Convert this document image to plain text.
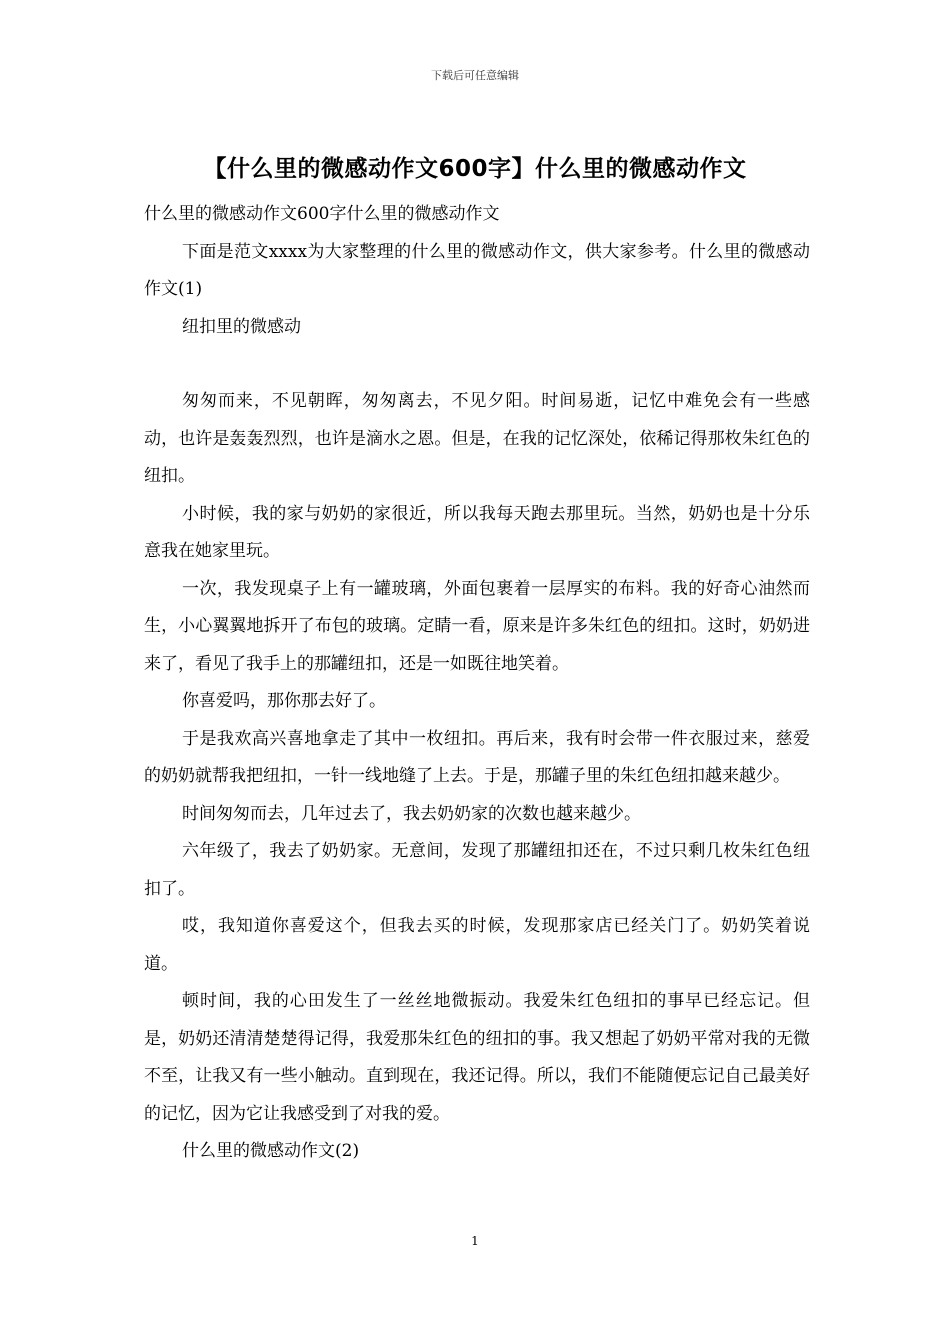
下载后可任意编辑
【什么里的微感动作文600字】什么里的微感动作文

什么里的微感动作文600字什么里的微感动作文

下面是范文xxxx为大家整理的什么里的微感动作文，供大家参考。什么里的微感动作文(1)

纽扣里的微感动

匆匆而来，不见朝晖，匆匆离去，不见夕阳。时间易逝，记忆中难免会有一些感动，也许是轰轰烈烈，也许是滴水之恩。但是，在我的记忆深处，依稀记得那枚朱红色的纽扣。

小时候，我的家与奶奶的家很近，所以我每天跑去那里玩。当然，奶奶也是十分乐意我在她家里玩。

一次，我发现桌子上有一罐玻璃，外面包裹着一层厚实的布料。我的好奇心油然而生，小心翼翼地拆开了布包的玻璃。定睛一看，原来是许多朱红色的纽扣。这时，奶奶进来了，看见了我手上的那罐纽扣，还是一如既往地笑着。

你喜爱吗，那你那去好了。

于是我欢高兴喜地拿走了其中一枚纽扣。再后来，我有时会带一件衣服过来，慈爱的奶奶就帮我把纽扣，一针一线地缝了上去。于是，那罐子里的朱红色纽扣越来越少。

时间匆匆而去，几年过去了，我去奶奶家的次数也越来越少。

六年级了，我去了奶奶家。无意间，发现了那罐纽扣还在，不过只剩几枚朱红色纽扣了。

哎，我知道你喜爱这个，但我去买的时候，发现那家店已经关门了。奶奶笑着说道。

顿时间，我的心田发生了一丝丝地微振动。我爱朱红色纽扣的事早已经忘记。但是，奶奶还清清楚楚得记得，我爱那朱红色的纽扣的事。我又想起了奶奶平常对我的无微不至，让我又有一些小触动。直到现在，我还记得。所以，我们不能随便忘记自己最美好的记忆，因为它让我感受到了对我的爱。

什么里的微感动作文(2)

1
